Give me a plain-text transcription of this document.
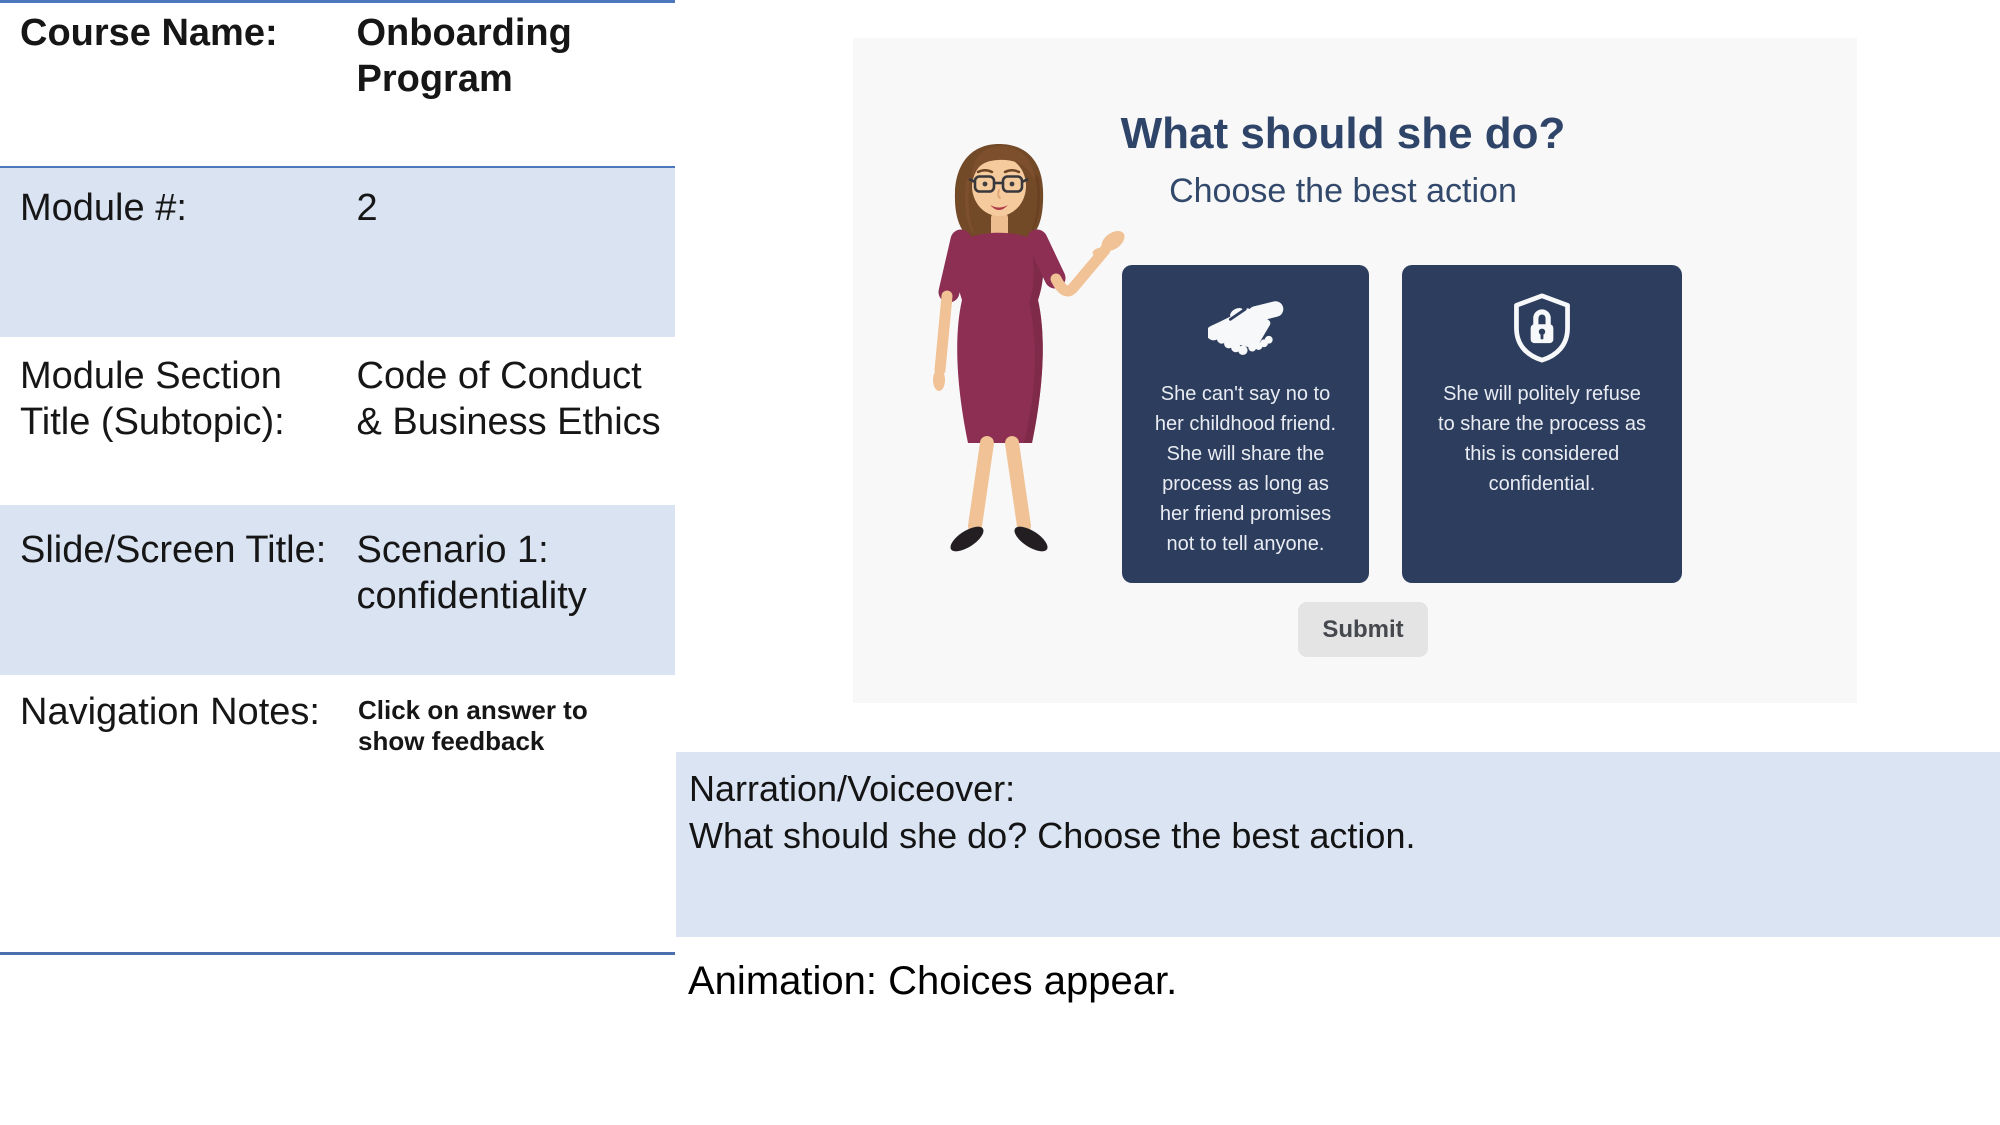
Course Name:	Onboarding Program
Module #:	2
Module Section Title (Subtopic):
Code of Conduct & Business Ethics
Slide/Screen Title: Scenario 1: confidentiality
Navigation Notes:	Click on answer to show feedback
What should she do?
Choose the best action
She can't say no to her childhood friend. She will share the process as long as her friend promises not to tell anyone.
She will politely refuse to share the process as this is considered confidential.
Submit
Narration/Voiceover:
What should she do? Choose the best action.
Animation: Choices appear.
